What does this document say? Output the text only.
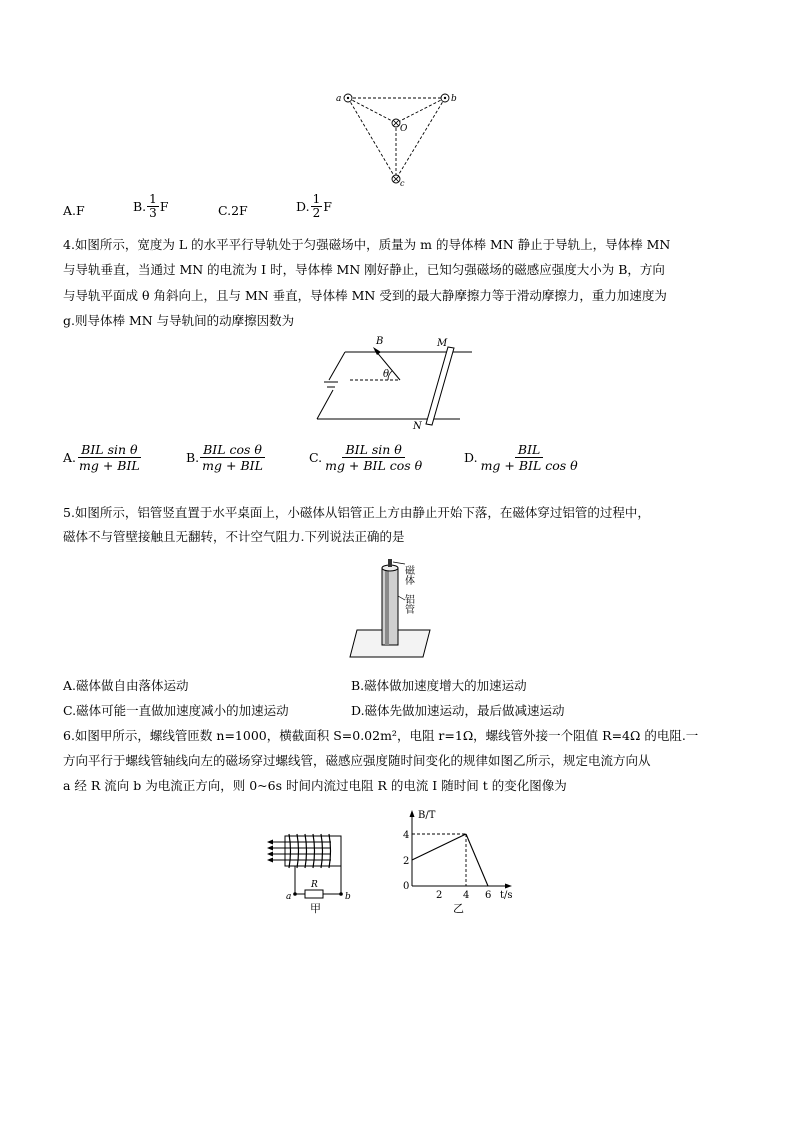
a	b
O
c
A.F	B. $\frac{1}{3}$ F	C.2F	D. $\frac{1}{2}$ F
4.如图所示，宽度为 L 的水平平行导轨处于匀强磁场中，质量为 m 的导体棒 MN 静止于导轨上，导体棒 MN
与导轨垂直，当通过 MN 的电流为 I 时，导体棒 MN 刚好静止，已知匀强磁场的磁感应强度大小为 B，方向
与导轨平面成 θ 角斜向上，且与 MN 垂直，导体棒 MN 受到的最大静摩擦力等于滑动摩擦力，重力加速度为
g.则导体棒 MN 与导轨间的动摩擦因数为
B
θ
M
N
A. $\frac{\text{BIL sin θ}}{\text{mg + BIL}}$	B. $\frac{\text{BIL cos θ}}{\text{mg + BIL}}$	C. $\frac{\text{BIL sin θ}}{\text{mg + BIL cos θ}}$	D. $\frac{\text{BIL}}{\text{mg + BIL cos θ}}$
5.如图所示，铝管竖直置于水平桌面上，小磁体从铝管正上方由静止开始下落，在磁体穿过铝管的过程中，
磁体不与管壁接触且无翻转，不计空气阻力.下列说法正确的是
磁体
铝管
A.磁体做自由落体运动	B.磁体做加速度增大的加速运动
C.磁体可能一直做加速度减小的加速运动	D.磁体先做加速运动，最后做减速运动
6.如图甲所示，螺线管匝数 n=1000，横截面积 S=0.02m²，电阻 r=1Ω，螺线管外接一个阻值 R=4Ω 的电阻.一
方向平行于螺线管轴线向左的磁场穿过螺线管，磁感应强度随时间变化的规律如图乙所示，规定电流方向从
a 经 R 流向 b 为电流正方向，则 0~6s 时间内流过电阻 R 的电流 I 随时间 t 的变化图像为
R
a	b
甲
B/T
t/s
4
2
0
2 4 6
乙
